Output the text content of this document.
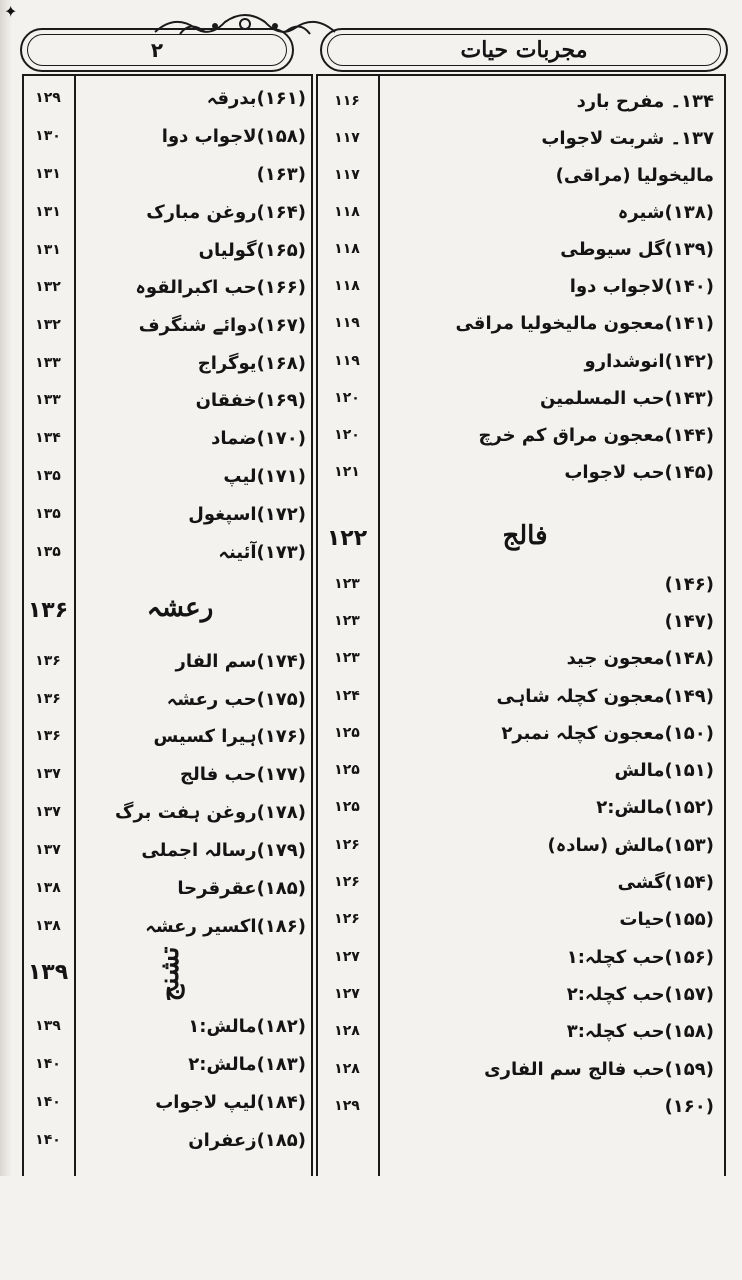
✦
۲	مجربات حیات
۱۳۴۔ مفرح بارد
۱۱۶
۱۳۷۔ شربت لاجواب
۱۱۷
مالیخولیا (مراقی)
۱۱۷
(۱۳۸)شیرہ
۱۱۸
(۱۳۹)گل سیوطی
۱۱۸
(۱۴۰)لاجواب دوا
۱۱۸
(۱۴۱)معجون مالیخولیا مراقی
۱۱۹
(۱۴۲)انوشدارو
۱۱۹
(۱۴۳)حب المسلمین
۱۲۰
(۱۴۴)معجون مراق کم خرچ
۱۲۰
(۱۴۵)حب لاجواب
۱۲۱
(۱۴۶)
۱۲۳
(۱۴۷)
۱۲۳
(۱۴۸)معجون جید
۱۲۳
(۱۴۹)معجون کچلہ شاہی
۱۲۴
(۱۵۰)معجون کچلہ نمبر۲
۱۲۵
(۱۵۱)مالش
۱۲۵
(۱۵۲)مالش:۲
۱۲۵
(۱۵۳)مالش (سادہ)
۱۲۶
(۱۵۴)گشی
۱۲۶
(۱۵۵)حیات
۱۲۶
(۱۵۶)حب کچلہ:۱
۱۲۷
(۱۵۷)حب کچلہ:۲
۱۲۷
(۱۵۸)حب کچلہ:۳
۱۲۸
(۱۵۹)حب فالج سم الفاری
۱۲۸
(۱۶۰)
۱۲۹
فالج
۱۲۲
(۱۶۱)بدرقہ
۱۲۹
(۱۵۸)لاجواب دوا
۱۳۰
(۱۶۳)
۱۳۱
(۱۶۴)روغن مبارک
۱۳۱
(۱۶۵)گولیاں
۱۳۱
(۱۶۶)حب اکبرالقوہ
۱۳۲
(۱۶۷)دوائے شنگرف
۱۳۲
(۱۶۸)یوگراج
۱۳۳
(۱۶۹)خفقان
۱۳۳
(۱۷۰)ضماد
۱۳۴
(۱۷۱)لیپ
۱۳۵
(۱۷۲)اسپغول
۱۳۵
(۱۷۳)آئینہ
۱۳۵
رعشہ
۱۳۶
(۱۷۴)سم الفار
۱۳۶
(۱۷۵)حب رعشہ
۱۳۶
(۱۷۶)ہیرا کسیس
۱۳۶
(۱۷۷)حب فالج
۱۳۷
(۱۷۸)روغن ہفت برگ
۱۳۷
(۱۷۹)رسالہ اجملی
۱۳۷
(۱۸۵)عقرقرحا
۱۳۸
(۱۸۶)اکسیر رعشہ
۱۳۸
تشنج
۱۳۹
(۱۸۲)مالش:۱
۱۳۹
(۱۸۳)مالش:۲
۱۴۰
(۱۸۴)لیپ لاجواب
۱۴۰
(۱۸۵)زعفران
۱۴۰
